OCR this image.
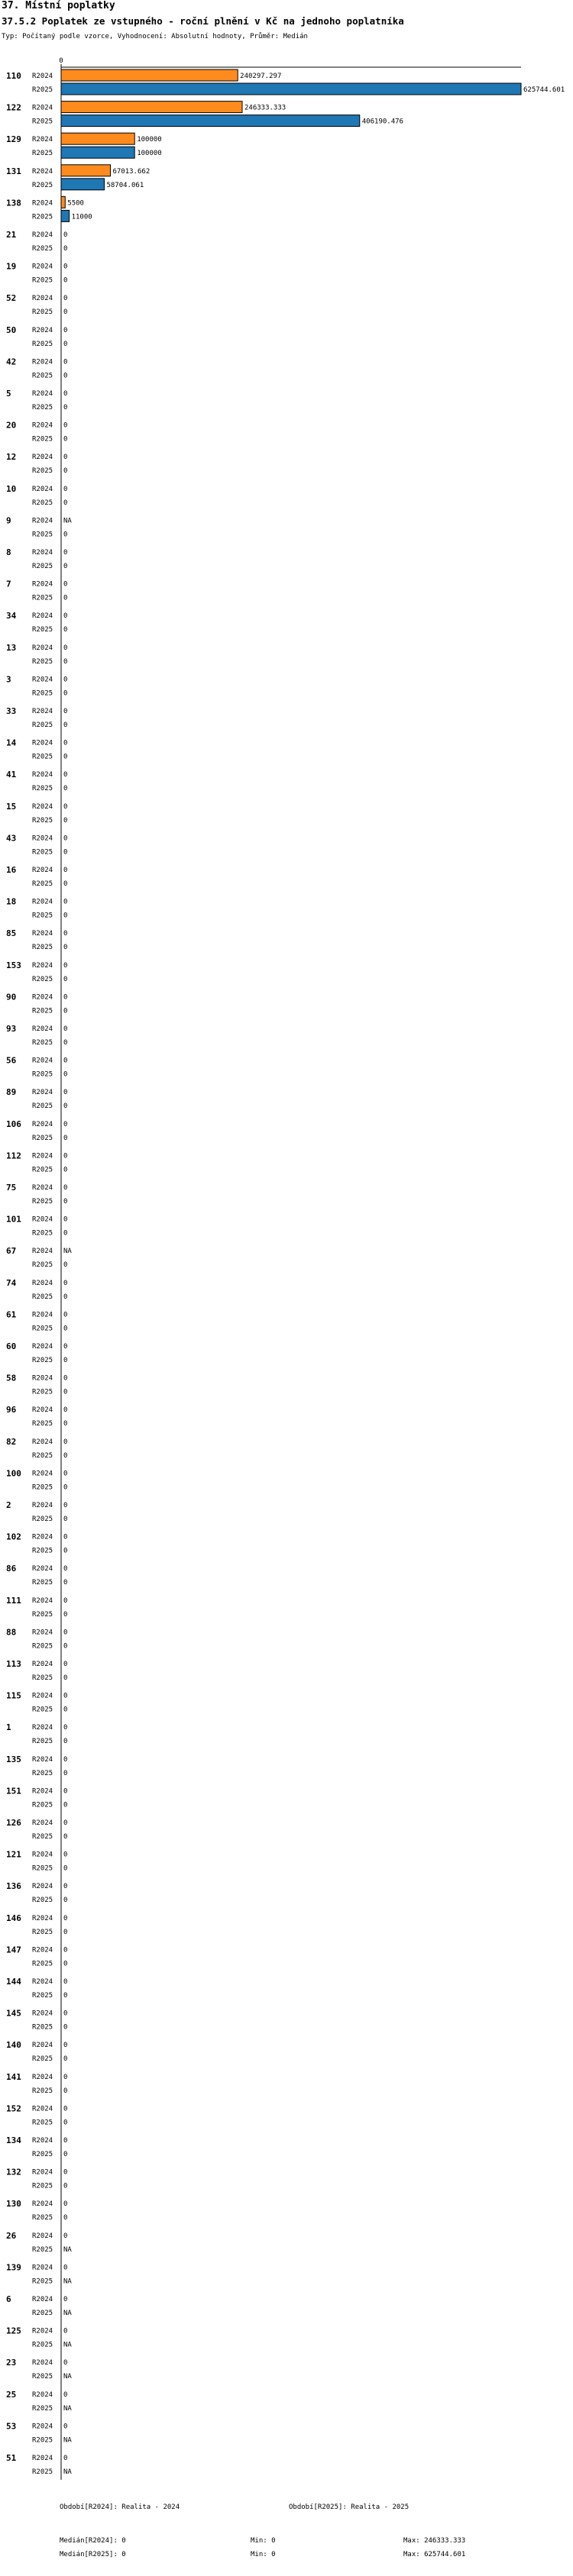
37. Místní poplatky
37.5.2 Poplatek ze vstupného - roční plnění v Kč na jednoho poplatníka
Typ: Počítaný podle vzorce, Vyhodnocení: Absolutní hodnoty, Průměr: Medián
0
110 R2024	240297.297
R2025	625744.601
122 R2024	246333.333
R2025	406190.476
129 R2024	100000
R2025	100000
131 R2024	67013.662
R2025	58704.061
138 R2024 5500
R2025	11000
21 R2024 0
R2025 0
19 R2024 0
R2025 0
52 R2024 0
R2025 0
50 R2024 0
R2025 0
42 R2024 0
R2025 0
5	R2024 0
R2025 0
20 R2024 0
R2025 0
12 R2024 0
R2025 0
10 R2024 0
R2025 0
9	R2024 NA
R2025 0
8	R2024 0
R2025 0
7	R2024 0
R2025 0
34 R2024 0
R2025 0
13 R2024 0
R2025 0
3	R2024 0
R2025 0
33 R2024 0
R2025 0
14 R2024 0
R2025 0
41 R2024 0
R2025 0
15 R2024 0
R2025 0
43 R2024 0
R2025 0
16 R2024 0
R2025 0
18 R2024 0
R2025 0
85 R2024 0
R2025 0
153 R2024 0
R2025 0
90 R2024 0
R2025 0
93 R2024 0
R2025 0
56 R2024 0
R2025 0
89 R2024 0
R2025 0
106 R2024 0
R2025 0
112 R2024 0
R2025 0
75 R2024 0
R2025 0
101 R2024 0
R2025 0
67 R2024 NA
R2025 0
74 R2024 0
R2025 0
61 R2024 0
R2025 0
60 R2024 0
R2025 0
58 R2024 0
R2025 0
96 R2024 0
R2025 0
82 R2024 0
R2025 0
100 R2024 0
R2025 0
2	R2024 0
R2025 0
102 R2024 0
R2025 0
86 R2024 0
R2025 0
111 R2024 0
R2025 0
88 R2024 0
R2025 0
113 R2024 0
R2025 0
115 R2024 0
R2025 0
1	R2024 0
R2025 0
135 R2024 0
R2025 0
151 R2024 0
R2025 0
126 R2024 0
R2025 0
121 R2024 0
R2025 0
136 R2024 0
R2025 0
146 R2024 0
R2025 0
147 R2024 0
R2025 0
144 R2024 0
R2025 0
145 R2024 0
R2025 0
140 R2024 0
R2025 0
141 R2024 0
R2025 0
152 R2024 0
R2025 0
134 R2024 0
R2025 0
132 R2024 0
R2025 0
130 R2024 0
R2025 0
26 R2024 0
R2025 NA
139 R2024 0
R2025 NA
6	R2024 0
R2025 NA
125 R2024 0
R2025 NA
23 R2024 0
R2025 NA
25 R2024 0
R2025 NA
53 R2024 0
R2025 NA
51 R2024 0
R2025 NA
Období[R2024]: Realita - 2024	Období[R2025]: Realita - 2025
Medián[R2024]: 0
Medián[R2025]: 0
Min: 0
Min: 0
Max: 246333.333
Max: 625744.601
